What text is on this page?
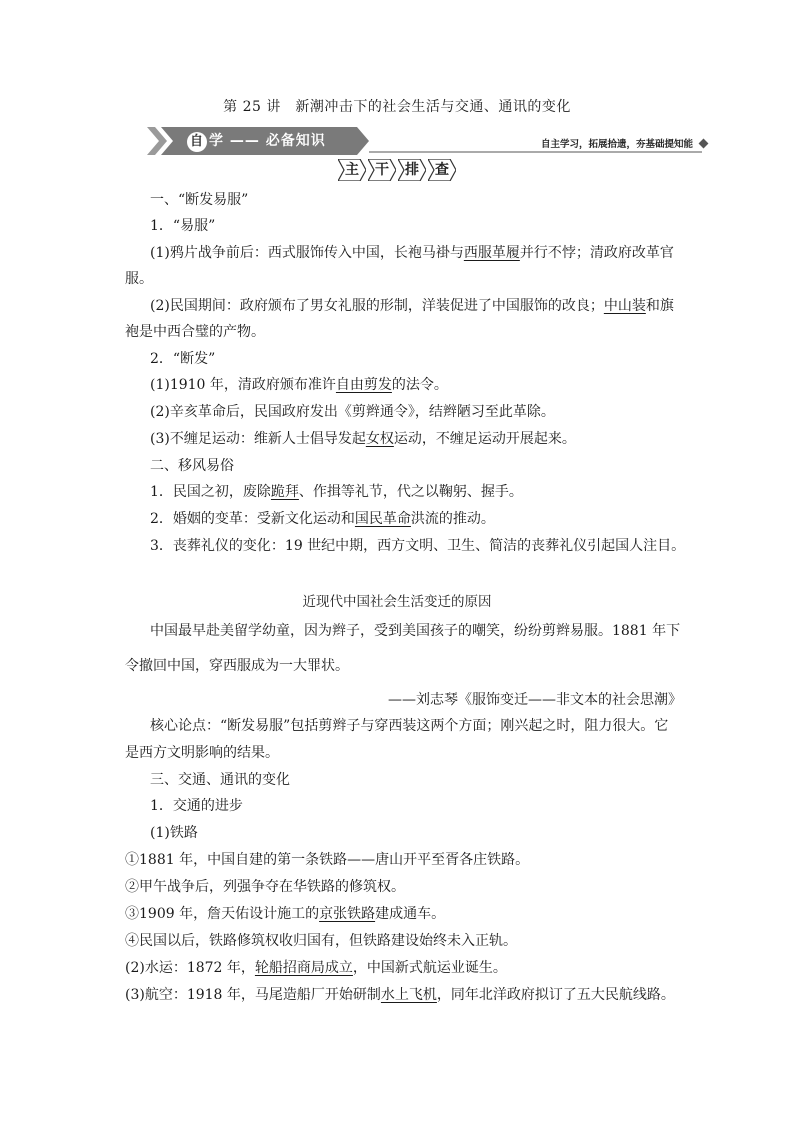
第 25 讲　新潮冲击下的社会生活与交通、通讯的变化
自 学 —— 必备知识	自主学习，拓展拾遗，夯基础提知能
主 干 排 查
一、“断发易服”
1．“易服”
(1)鸦片战争前后：西式服饰传入中国，长袍马褂与西服革履并行不悖；清政府改革官
服。
(2)民国期间：政府颁布了男女礼服的形制，洋装促进了中国服饰的改良；中山装和旗
袍是中西合璧的产物。
2．“断发”
(1)1910 年，清政府颁布准许自由剪发的法令。
(2)辛亥革命后，民国政府发出《剪辫通令》，结辫陋习至此革除。
(3)不缠足运动：维新人士倡导发起女权运动，不缠足运动开展起来。
二、移风易俗
1．民国之初，废除跪拜、作揖等礼节，代之以鞠躬、握手。
2．婚姻的变革：受新文化运动和国民革命洪流的推动。
3．丧葬礼仪的变化：19 世纪中期，西方文明、卫生、简洁的丧葬礼仪引起国人注目。
近现代中国社会生活变迁的原因
中国最早赴美留学幼童，因为辫子，受到美国孩子的嘲笑，纷纷剪辫易服。1881 年下
令撤回中国，穿西服成为一大罪状。
——刘志琴《服饰变迁——非文本的社会思潮》
核心论点：“断发易服”包括剪辫子与穿西装这两个方面；刚兴起之时，阻力很大。它
是西方文明影响的结果。
三、交通、通讯的变化
1．交通的进步
(1)铁路
①1881 年，中国自建的第一条铁路——唐山开平至胥各庄铁路。
②甲午战争后，列强争夺在华铁路的修筑权。
③1909 年，詹天佑设计施工的京张铁路建成通车。
④民国以后，铁路修筑权收归国有，但铁路建设始终未入正轨。
(2)水运：1872 年，轮船招商局成立，中国新式航运业诞生。
(3)航空：1918 年，马尾造船厂开始研制水上飞机，同年北洋政府拟订了五大民航线路。
